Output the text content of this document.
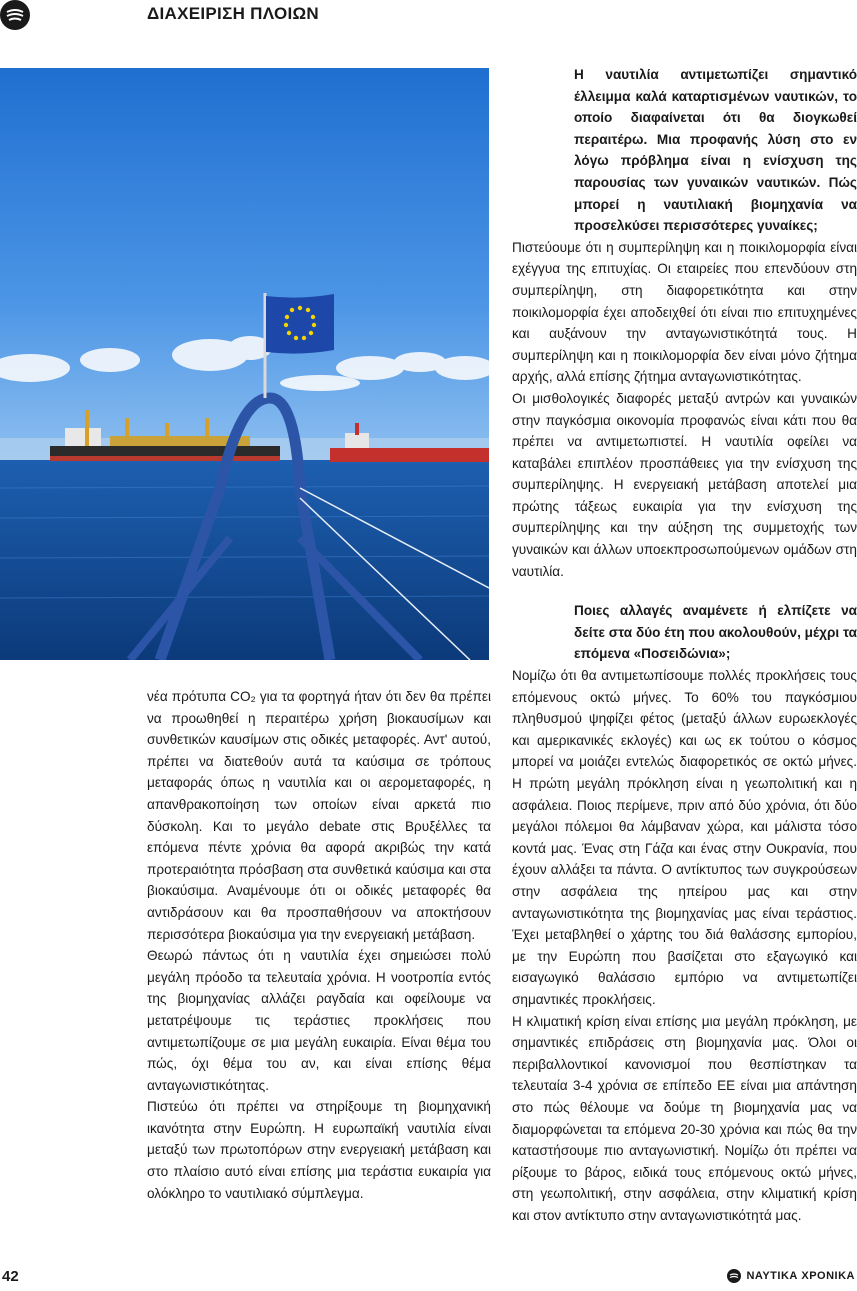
ΔΙΑΧΕΙΡΙΣΗ ΠΛΟΙΩΝ

νέα πρότυπα CO₂ για τα φορτηγά ήταν ότι δεν θα πρέπει να προωθηθεί η περαιτέρω χρήση βιοκαυσίμων και συνθετικών καυσίμων στις οδικές μεταφορές. Αντ' αυτού, πρέπει να διατεθούν αυτά τα καύσιμα σε τρόπους μεταφοράς όπως η ναυτιλία και οι αερομεταφορές, η απανθρακοποίηση των οποίων είναι αρκετά πιο δύσκολη. Και το μεγάλο debate στις Βρυξέλλες τα επόμενα πέντε χρόνια θα αφορά ακριβώς την κατά προτεραιότητα πρόσβαση στα συνθετικά καύσιμα και στα βιοκαύσιμα. Αναμένουμε ότι οι οδικές μεταφορές θα αντιδράσουν και θα προσπαθήσουν να αποκτήσουν περισσότερα βιοκαύσιμα για την ενεργειακή μετάβαση.

Θεωρώ πάντως ότι η ναυτιλία έχει σημειώσει πολύ μεγάλη πρόοδο τα τελευταία χρόνια. Η νοοτροπία εντός της βιομηχανίας αλλάζει ραγδαία και οφείλουμε να μετατρέψουμε τις τεράστιες προκλήσεις που αντιμετωπίζουμε σε μια μεγάλη ευκαιρία. Είναι θέμα του πώς, όχι θέμα του αν, και είναι επίσης θέμα ανταγωνιστικότητας.

Πιστεύω ότι πρέπει να στηρίξουμε τη βιομηχανική ικανότητα στην Ευρώπη. Η ευρωπαϊκή ναυτιλία είναι μεταξύ των πρωτοπόρων στην ενεργειακή μετάβαση και στο πλαίσιο αυτό είναι επίσης μια τεράστια ευκαιρία για ολόκληρο το ναυτιλιακό σύμπλεγμα.

Η ναυτιλία αντιμετωπίζει σημαντικό έλλειμμα καλά καταρτισμένων ναυτικών, το οποίο διαφαίνεται ότι θα διογκωθεί περαιτέρω. Μια προφανής λύση στο εν λόγω πρόβλημα είναι η ενίσχυση της παρουσίας των γυναικών ναυτικών. Πώς μπορεί η ναυτιλιακή βιομηχανία να προσελκύσει περισσότερες γυναίκες;

Πιστεύουμε ότι η συμπερίληψη και η ποικιλομορφία είναι εχέγγυα της επιτυχίας. Οι εταιρείες που επενδύουν στη συμπερίληψη, στη διαφορετικότητα και στην ποικιλομορφία έχει αποδειχθεί ότι είναι πιο επιτυχημένες και αυξάνουν την ανταγωνιστικότητά τους. Η συμπερίληψη και η ποικιλομορφία δεν είναι μόνο ζήτημα αρχής, αλλά επίσης ζήτημα ανταγωνιστικότητας.

Οι μισθολογικές διαφορές μεταξύ αντρών και γυναικών στην παγκόσμια οικονομία προφανώς είναι κάτι που θα πρέπει να αντιμετωπιστεί. Η ναυτιλία οφείλει να καταβάλει επιπλέον προσπάθειες για την ενίσχυση της συμπερίληψης. Η ενεργειακή μετάβαση αποτελεί μια πρώτης τάξεως ευκαιρία για την ενίσχυση της συμπερίληψης και την αύξηση της συμμετοχής των γυναικών και άλλων υποεκπροσωπούμενων ομάδων στη ναυτιλία.

Ποιες αλλαγές αναμένετε ή ελπίζετε να δείτε στα δύο έτη που ακολουθούν, μέχρι τα επόμενα «Ποσειδώνια»;

Νομίζω ότι θα αντιμετωπίσουμε πολλές προκλήσεις τους επόμενους οκτώ μήνες. Το 60% του παγκόσμιου πληθυσμού ψηφίζει φέτος (μεταξύ άλλων ευρωεκλογές και αμερικανικές εκλογές) και ως εκ τούτου ο κόσμος μπορεί να μοιάζει εντελώς διαφορετικός σε οκτώ μήνες. Η πρώτη μεγάλη πρόκληση είναι η γεωπολιτική και η ασφάλεια. Ποιος περίμενε, πριν από δύο χρόνια, ότι δύο μεγάλοι πόλεμοι θα λάμβαναν χώρα, και μάλιστα τόσο κοντά μας. Ένας στη Γάζα και ένας στην Ουκρανία, που έχουν αλλάξει τα πάντα. Ο αντίκτυπος των συγκρούσεων στην ασφάλεια της ηπείρου μας και στην ανταγωνιστικότητα της βιομηχανίας μας είναι τεράστιος. Έχει μεταβληθεί ο χάρτης του διά θαλάσσης εμπορίου, με την Ευρώπη που βασίζεται στο εξαγωγικό και εισαγωγικό θαλάσσιο εμπόριο να αντιμετωπίζει σημαντικές προκλήσεις.

Η κλιματική κρίση είναι επίσης μια μεγάλη πρόκληση, με σημαντικές επιδράσεις στη βιομηχανία μας. Όλοι οι περιβαλλοντικοί κανονισμοί που θεσπίστηκαν τα τελευταία 3-4 χρόνια σε επίπεδο ΕΕ είναι μια απάντηση στο πώς θέλουμε να δούμε τη βιομηχανία μας να διαμορφώνεται τα επόμενα 20-30 χρόνια και πώς θα την καταστήσουμε πιο ανταγωνιστική. Νομίζω ότι πρέπει να ρίξουμε το βάρος, ειδικά τους επόμενους οκτώ μήνες, στη γεωπολιτική, στην ασφάλεια, στην κλιματική κρίση και στον αντίκτυπο στην ανταγωνιστικότητά μας.

42	ΝΑΥΤΙΚΑ ΧΡΟΝΙΚΑ
